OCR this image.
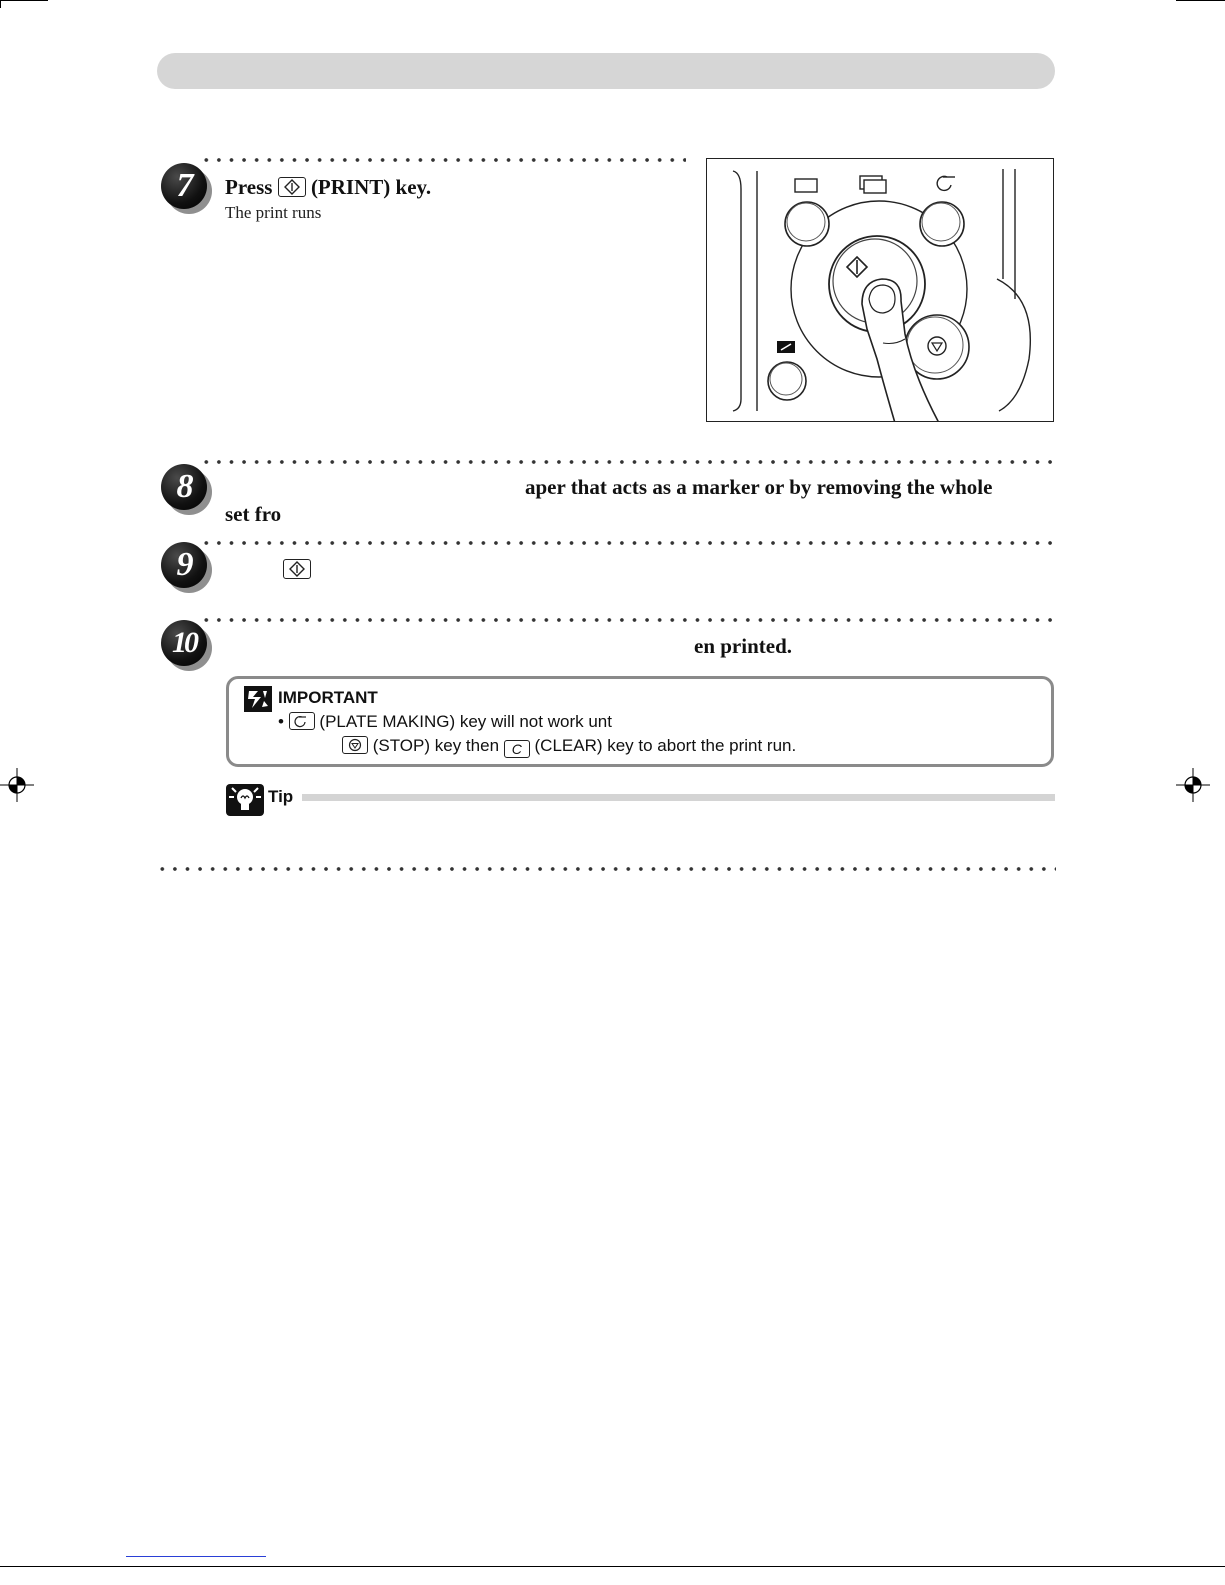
7	Press (PRINT) key.
The print runs
8	aper that acts as a marker or by removing the whole
set fro
9
10	en printed.
IMPORTANT
• (PLATE MAKING) key will not work unt
(STOP) key then C (CLEAR) key to abort the print run.
Tip
